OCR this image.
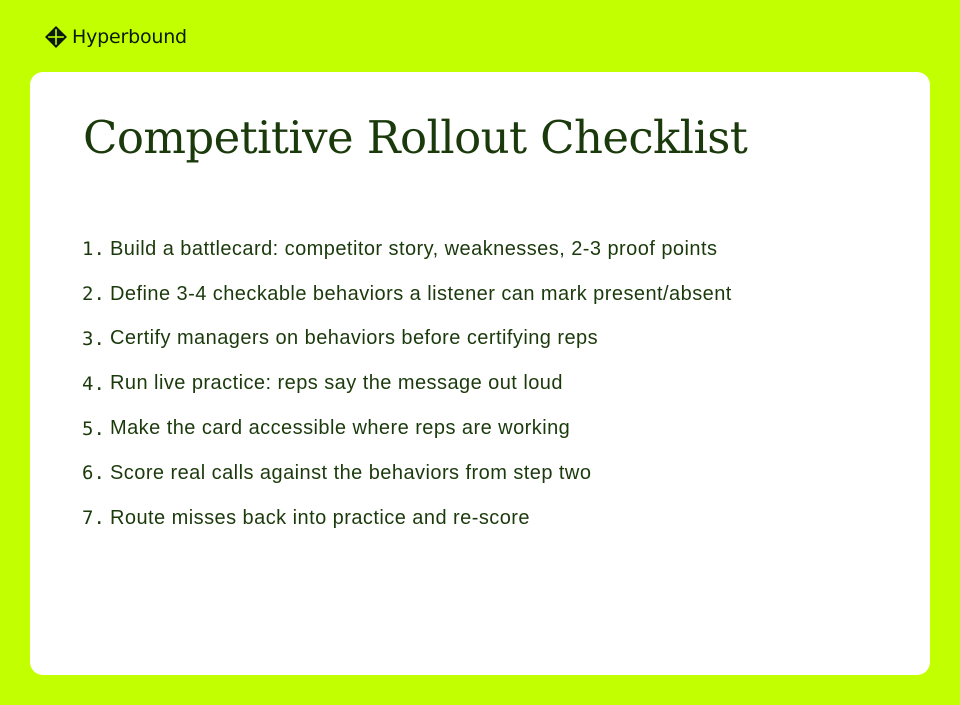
Hyperbound
Competitive Rollout Checklist
1. Build a battlecard: competitor story, weaknesses, 2-3 proof points
2. Define 3-4 checkable behaviors a listener can mark present/absent
3. Certify managers on behaviors before certifying reps
4. Run live practice: reps say the message out loud
5. Make the card accessible where reps are working
6. Score real calls against the behaviors from step two
7. Route misses back into practice and re-score
